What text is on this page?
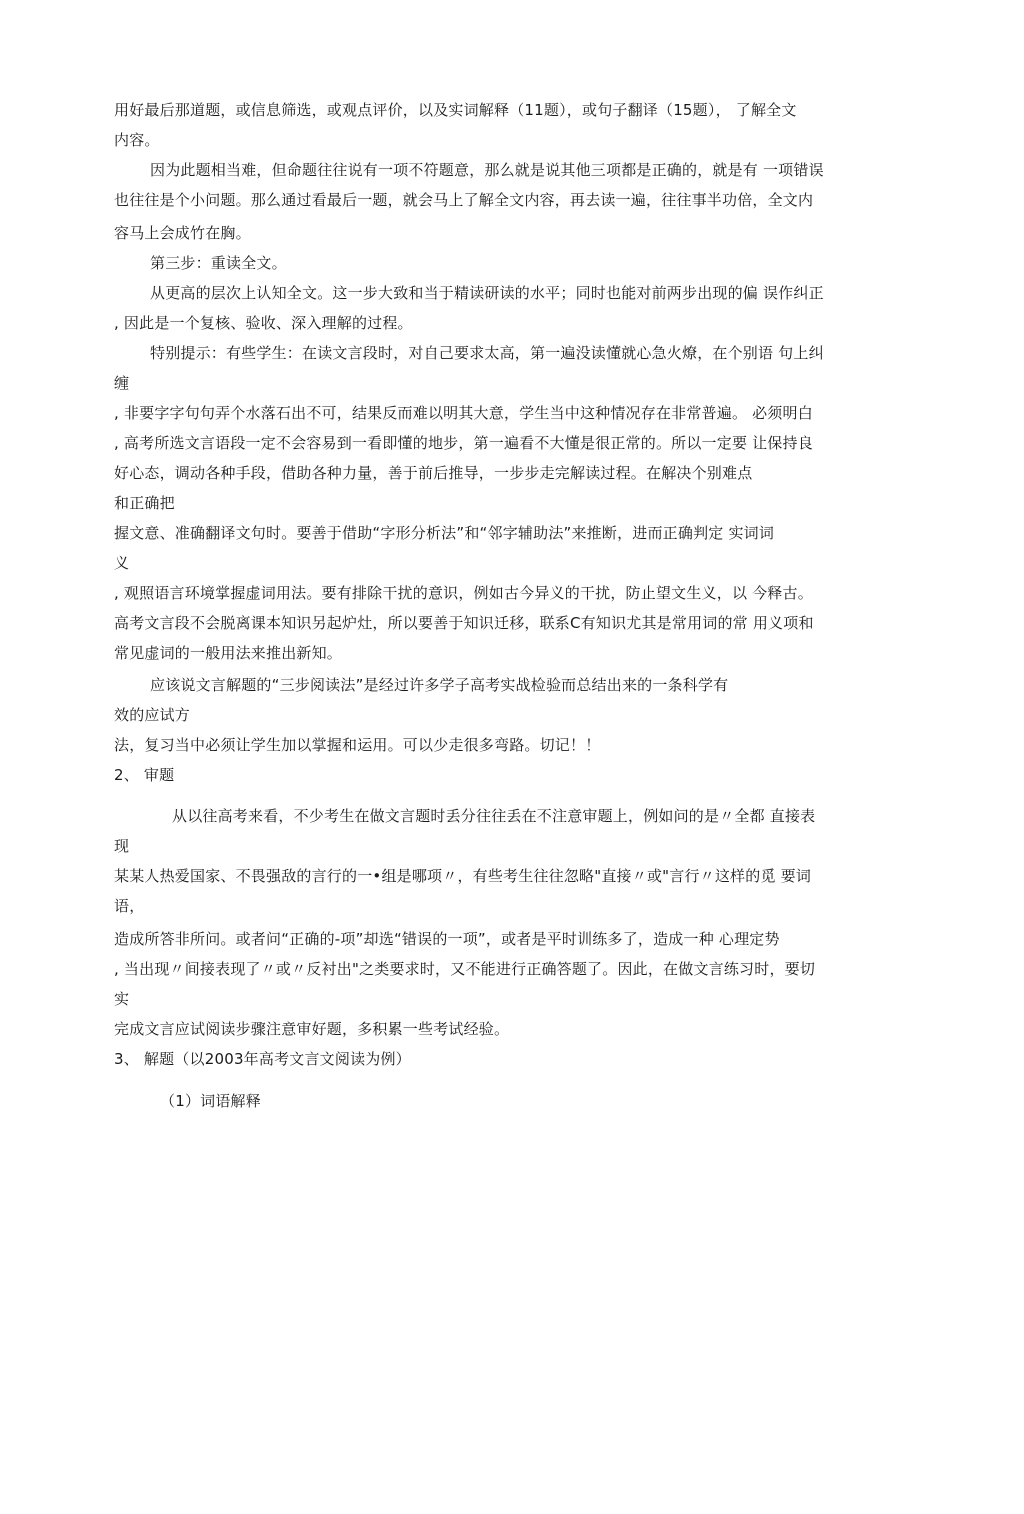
用好最后那道题，或信息筛选，或观点评价，以及实词解释（11题），或句子翻译（15题）， 了解全文
内容。
因为此题相当难，但命题往往说有一项不符题意，那么就是说其他三项都是正确的，就是有 一项错误
也往往是个小问题。那么通过看最后一题，就会马上了解全文内容，再去读一遍，往往事半功倍，全文内
容马上会成竹在胸。
第三步：重读全文。
从更高的层次上认知全文。这一步大致和当于精读研读的水平；同时也能对前两步出现的偏 误作纠正
, 因此是一个复核、验收、深入理解的过程。
特别提示：有些学生：在读文言段时，对自己要求太高，第一遍没读懂就心急火燎，在个别语 句上纠
缠
, 非要字字句句弄个水落石出不可，结果反而难以明其大意，学生当中这种情况存在非常普遍。 必须明白
, 高考所选文言语段一定不会容易到一看即懂的地步，第一遍看不大懂是很正常的。所以一定要 让保持良
好心态，调动各种手段，借助各种力量，善于前后推导，一步步走完解读过程。在解决个别难点
和正确把
握文意、准确翻译文句时。要善于借助“字形分析法”和“邻字辅助法”来推断，进而正确判定 实词词
义
, 观照语言环境掌握虚词用法。要有排除干扰的意识，例如古今异义的干扰，防止望文生义，以 今释古。
高考文言段不会脱离课本知识另起炉灶，所以要善于知识迁移，联系C有知识尤其是常用词的常 用义项和
常见虚词的一般用法来推出新知。
应该说文言解题的“三步阅读法”是经过许多学子高考实战检验而总结出来的一条科学有
效的应试方
法，复习当中必须让学生加以掌握和运用。可以少走很多弯路。切记！！
2、 审题
从以往高考来看，不少考生在做文言题时丢分往往丢在不注意审题上，例如问的是〃全都 直接表
现
某某人热爱国家、不畏强敌的言行的一•组是哪项〃，有些考生往往忽略"直接〃或"言行〃这样的觅 要词
语，
造成所答非所问。或者问“正确的-项”却选“错误的一项”，或者是平时训练多了，造成一种 心理定势
, 当出现〃间接表现了〃或〃反衬出"之类要求时，又不能进行正确答题了。因此，在做文言练习时，要切
实
完成文言应试阅读步骤注意审好题，多积累一些考试经验。
3、 解题（以2003年高考文言文阅读为例）
（1）词语解释
